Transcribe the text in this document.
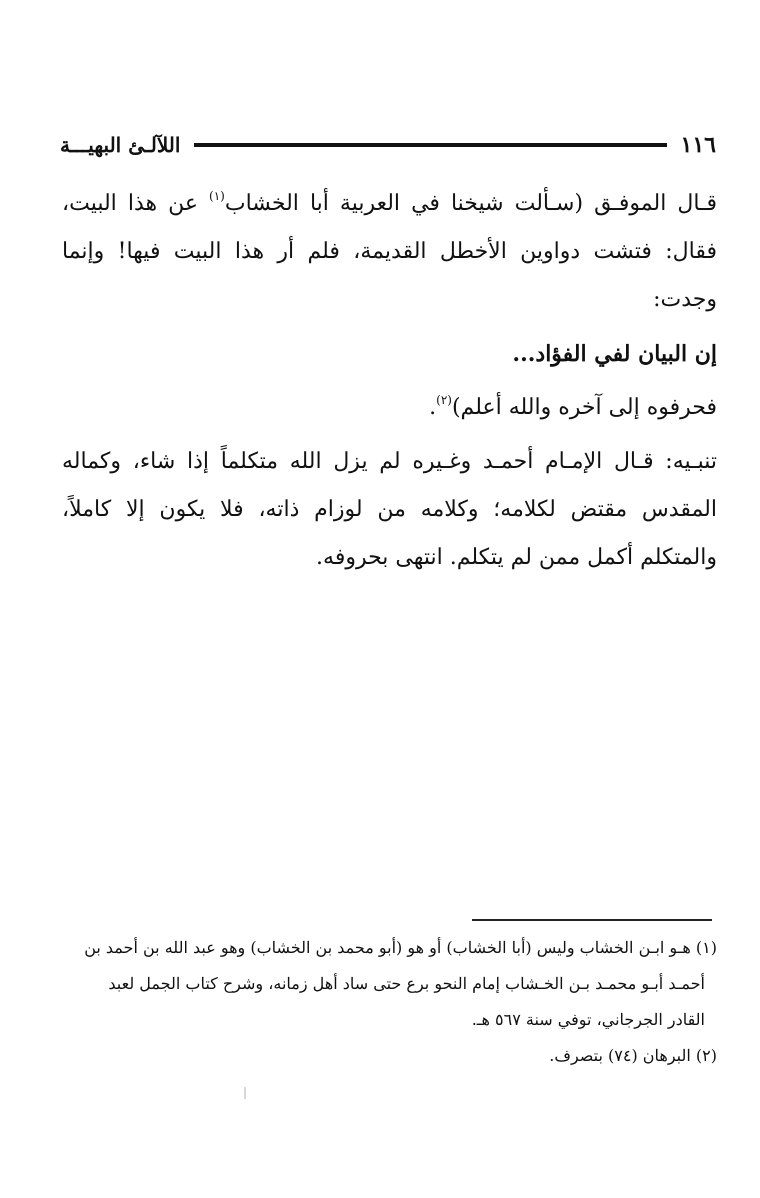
١١٦
اللآلـئ البهيـــة

قـال الموفـق (سـألت شيخنا في العربية أبا الخشاب$^{(١)}$ عن هذا البيت، فقال: فتشت دواوين الأخطل القديمة، فلم أر هذا البيت فيها! وإنما وجدت:

إن البيان لفي الفؤاد...

فحرفوه إلى آخره والله أعلم)$^{(٢)}$.

تنبـيه: قـال الإمـام أحمـد وغـيره لم يزل الله متكلماً إذا شاء، وكماله المقدس مقتض لكلامه؛ وكلامه من لوزام ذاته، فلا يكون إلا كاملاً، والمتكلم أكمل ممن لم يتكلم. انتهى بحروفه.

(١) هـو ابـن الخشاب وليس (أبا الخشاب) أو هو (أبو محمد بن الخشاب) وهو عبد الله بن أحمد بن

أحمـد أبـو محمـد بـن الخـشاب إمام النحو برع حتى ساد أهل زمانه، وشرح كتاب الجمل لعبد

القادر الجرجاني، توفي سنة ٥٦٧ هـ.

(٢) البرهان (٧٤) بتصرف.
